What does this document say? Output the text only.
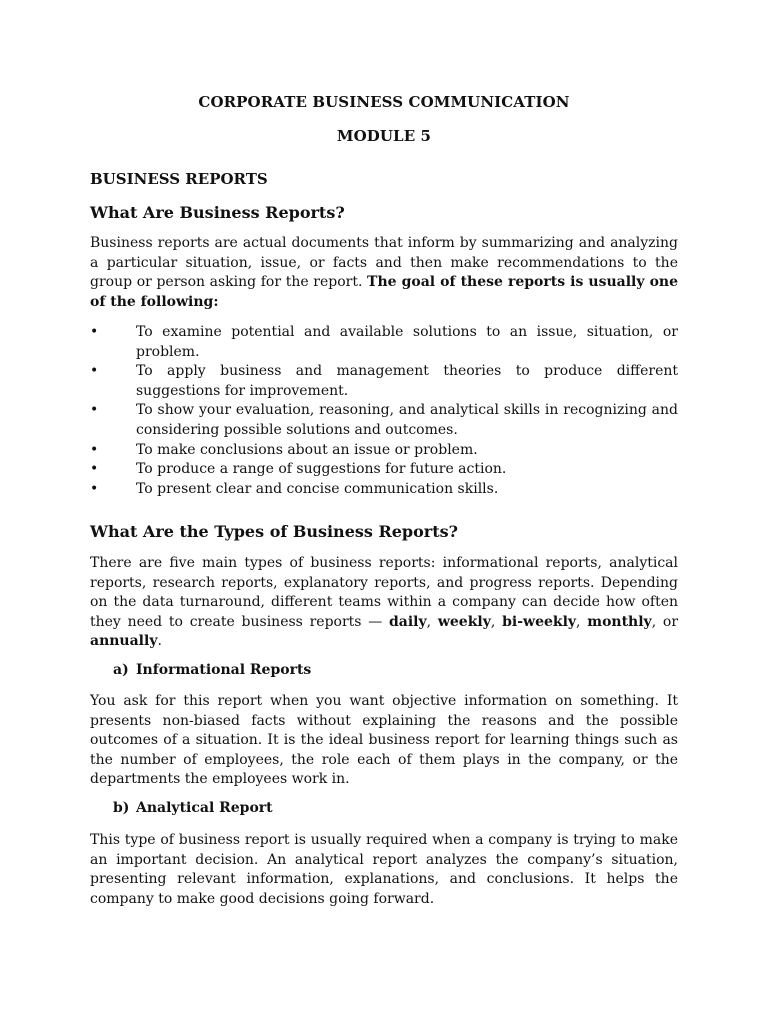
CORPORATE BUSINESS COMMUNICATION
MODULE 5
BUSINESS REPORTS
What Are Business Reports?
Business reports are actual documents that inform by summarizing and analyzing a particular situation, issue, or facts and then make recommendations to the group or person asking for the report. The goal of these reports is usually one of the following:
•	To examine potential and available solutions to an issue, situation, or problem.
•	To apply business and management theories to produce different suggestions for improvement.
•	To show your evaluation, reasoning, and analytical skills in recognizing and considering possible solutions and outcomes.
•	To make conclusions about an issue or problem.
•	To produce a range of suggestions for future action.
•	To present clear and concise communication skills.
What Are the Types of Business Reports?
There are five main types of business reports: informational reports, analytical reports, research reports, explanatory reports, and progress reports. Depending on the data turnaround, different teams within a company can decide how often they need to create business reports — daily, weekly, bi-weekly, monthly, or annually.
a) Informational Reports
You ask for this report when you want objective information on something. It presents non-biased facts without explaining the reasons and the possible outcomes of a situation. It is the ideal business report for learning things such as the number of employees, the role each of them plays in the company, or the departments the employees work in.
b) Analytical Report
This type of business report is usually required when a company is trying to make an important decision. An analytical report analyzes the company’s situation, presenting relevant information, explanations, and conclusions. It helps the company to make good decisions going forward.
